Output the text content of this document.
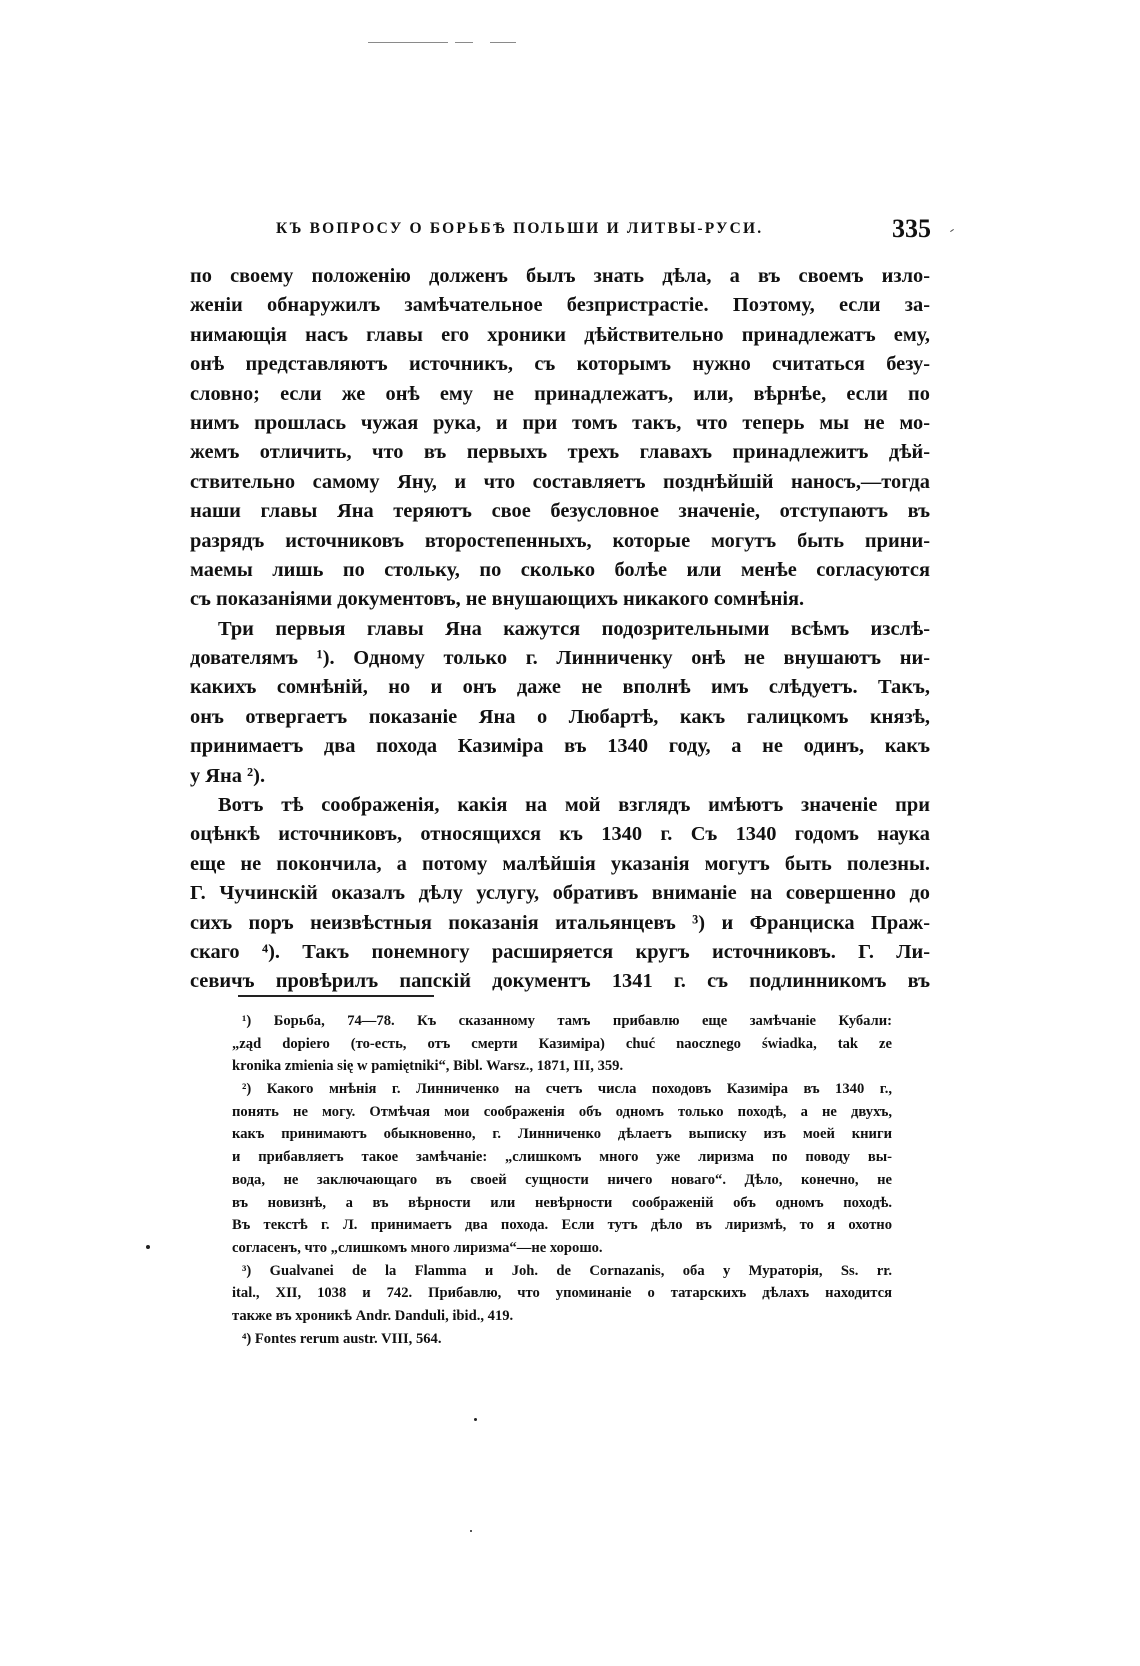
КЪ ВОПРОСУ О БОРЬБѢ ПОЛЬШИ И ЛИТВЫ-РУСИ.	335
по своему положенію долженъ былъ знать дѣла, а въ своемъ изло-
женіи обнаружилъ замѣчательное безпристрастіе. Поэтому, если за-
нимающія насъ главы его хроники дѣйствительно принадлежатъ ему,
онѣ представляютъ источникъ, съ которымъ нужно считаться безу-
словно; если же онѣ ему не принадлежатъ, или, вѣрнѣе, если по
нимъ прошлась чужая рука, и при томъ такъ, что теперь мы не мо-
жемъ отличить, что въ первыхъ трехъ главахъ принадлежитъ дѣй-
ствительно самому Яну, и что составляетъ позднѣйшій наносъ,—тогда
наши главы Яна теряютъ свое безусловное значеніе, отступаютъ въ
разрядъ источниковъ второстепенныхъ, которые могутъ быть прини-
маемы лишь по стольку, по сколько болѣе или менѣе согласуются
съ показаніями документовъ, не внушающихъ никакого сомнѣнія.
Три первыя главы Яна кажутся подозрительными всѣмъ изслѣ-
дователямъ ¹). Одному только г. Линниченку онѣ не внушаютъ ни-
какихъ сомнѣній, но и онъ даже не вполнѣ имъ слѣдуетъ. Такъ,
онъ отвергаетъ показаніе Яна о Любартѣ, какъ галицкомъ князѣ,
принимаетъ два похода Казиміра въ 1340 году, а не одинъ, какъ
у Яна ²).
Вотъ тѣ соображенія, какія на мой взглядъ имѣютъ значеніе при
оцѣнкѣ источниковъ, относящихся къ 1340 г. Съ 1340 годомъ наука
еще не покончила, а потому малѣйшія указанія могутъ быть полезны.
Г. Чучинскій оказалъ дѣлу услугу, обративъ вниманіе на совершенно до
сихъ поръ неизвѣстныя показанія итальянцевъ ³) и Франциска Праж-
скаго ⁴). Такъ понемногу расширяется кругъ источниковъ. Г. Ли-
севичъ провѣрилъ папскій документъ 1341 г. съ подлинникомъ въ
¹) Борьба, 74—78. Къ сказанному тамъ прибавлю еще замѣчаніе Кубали:
„ząd dopiero (то-есть, отъ смерти Казиміра) chuć naocznego świadka, tak ze
kronika zmienia się w pamiętniki“, Bibl. Warsz., 1871, III, 359.
²) Какого мнѣнія г. Линниченко на счетъ числа походовъ Казиміра въ 1340 г.,
понять не могу. Отмѣчая мои соображенія объ одномъ только походѣ, а не двухъ,
какъ принимаютъ обыкновенно, г. Линниченко дѣлаетъ выписку изъ моей книги
и прибавляетъ такое замѣчаніе: „слишкомъ много уже лиризма по поводу вы-
вода, не заключающаго въ своей сущности ничего новаго“. Дѣло, конечно, не
въ новизнѣ, а въ вѣрности или невѣрности соображеній объ одномъ походѣ.
Въ текстѣ г. Л. принимаетъ два похода. Если тутъ дѣло въ лиризмѣ, то я охотно
согласенъ, что „слишкомъ много лиризма“—не хорошо.
³) Gualvanei de la Flamma и Joh. de Cornazanis, оба у Мураторія, Ss. rr.
ital., XII, 1038 и 742. Прибавлю, что упоминаніе о татарскихъ дѣлахъ находится
также въ хроникѣ Andr. Danduli, ibid., 419.
⁴) Fontes rerum austr. VIII, 564.
